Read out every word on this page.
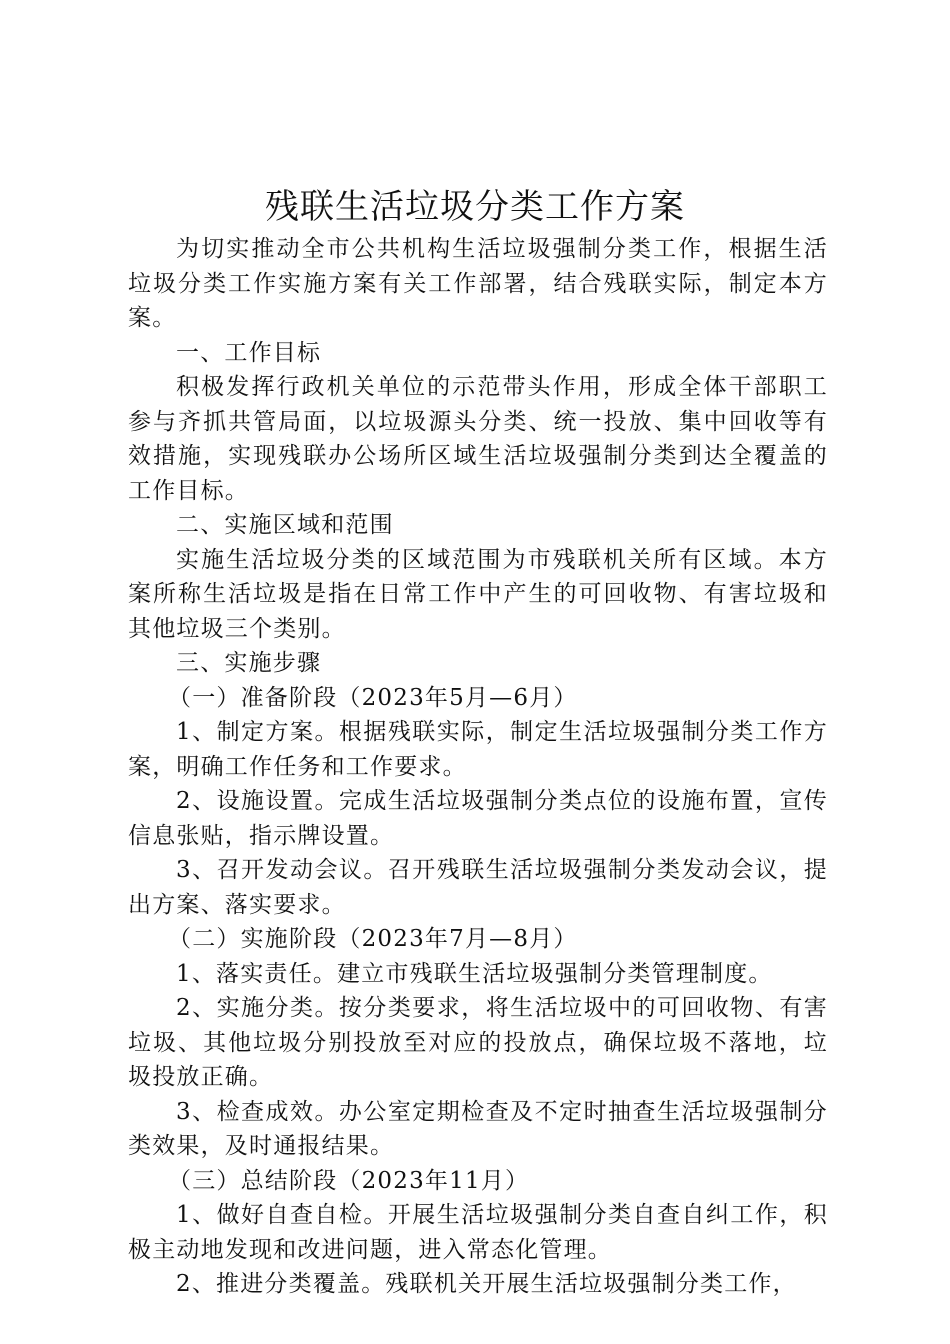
残联生活垃圾分类工作方案

为切实推动全市公共机构生活垃圾强制分类工作，根据生活垃圾分类工作实施方案有关工作部署，结合残联实际，制定本方案。

一、工作目标

积极发挥行政机关单位的示范带头作用，形成全体干部职工参与齐抓共管局面，以垃圾源头分类、统一投放、集中回收等有效措施，实现残联办公场所区域生活垃圾强制分类到达全覆盖的工作目标。

二、实施区域和范围

实施生活垃圾分类的区域范围为市残联机关所有区域。本方案所称生活垃圾是指在日常工作中产生的可回收物、有害垃圾和其他垃圾三个类别。

三、实施步骤

（一）准备阶段（2023年5月—6月）

1、制定方案。根据残联实际，制定生活垃圾强制分类工作方案，明确工作任务和工作要求。

2、设施设置。完成生活垃圾强制分类点位的设施布置，宣传信息张贴，指示牌设置。

3、召开发动会议。召开残联生活垃圾强制分类发动会议，提出方案、落实要求。

（二）实施阶段（2023年7月—8月）

1、落实责任。建立市残联生活垃圾强制分类管理制度。

2、实施分类。按分类要求，将生活垃圾中的可回收物、有害垃圾、其他垃圾分别投放至对应的投放点，确保垃圾不落地，垃圾投放正确。

3、检查成效。办公室定期检查及不定时抽查生活垃圾强制分类效果，及时通报结果。

（三）总结阶段（2023年11月）

1、做好自查自检。开展生活垃圾强制分类自查自纠工作，积极主动地发现和改进问题，进入常态化管理。

2、推进分类覆盖。残联机关开展生活垃圾强制分类工作，
